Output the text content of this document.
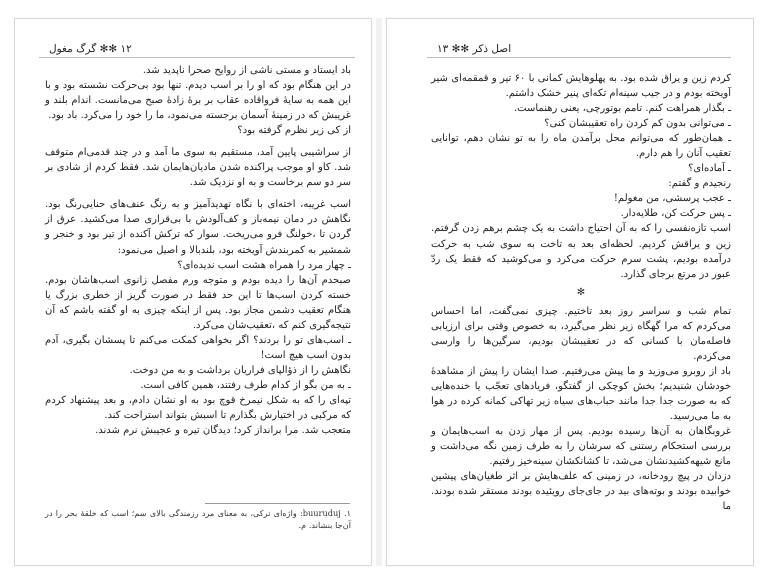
۱۲ ✻✻ گرگ مغول

باد ایستاد و مستی ناشی از روایح صحرا ناپدید شد.

در این هنگام بود که او را بر اسب دیدم. تنها بود بی‌حرکت نشسته بود و با این همه به سایهٔ فرواقاده عقاب بر برهٔ زادهٔ صبح می‌مانست. اندام بلند و غریبش که در زمینهٔ آسمان برجسته می‌نمود، ما را خود را می‌کرد. باد بود.

از کی زیر نظرم گرفته بود؟

از سراشیبی پایین آمد، مستقیم به سوی ما آمد و در چند قدمی‌ام متوقف شد. کاو او موجب پراکنده شدن مادیان‌هایمان شد. فقط کردم از شادی بر سر دو سم برخاست و به او نزدیک شد.

اسب غریبه، اخته‌ای با نگاه تهدیدآمیز و به رنگ عنف‌های حنایی‌رنگ بود. نگاهش در دمان نیمه‌باز و کف‌آلودش با بی‌قراری صدا می‌کشید. عرق از گردن تا ،خولنگ فرو می‌ریخت. سوار که ترکش آکنده از تیر بود و خنجر و شمشیر به کمربندش آویخته بود، بلندبالا و اصیل می‌نمود:

ـ چهار مرد را همراه هشت اسب ندیده‌ای؟

صبحدم آن‌ها را دیده بودم و متوجه ورم مفصل زانوی اسب‌هاشان بودم. خسته کردن اسب‌ها تا این حد فقط در صورت گریز از خطری بزرگ یا هنگام تعقیب دشمن مجاز بود. پس از اینکه چیزی به او گفته باشم که آن نتیجه‌گیری کنم که ،تعقیب‌شان می‌کرد.

ـ اسب‌های تو را بردند؟ اگر بخواهی کمکت می‌کنم تا پسشان بگیری، آدم بدون اسب هیچ است!

نگاهش را از ذؤالپای فراریان برداشت و به من دوخت.

ـ به من بگو از کدام طرف رفتند، همین کافی است.

تپه‌ای را که به شکل نیمرخ قوچ بود به او نشان دادم، و بعد پیشنهاد کردم که مرکبی در اختیارش بگذارم تا اسبش بتواند استراحت کند.

متعجب شد. مرا برانداز کرد؛ دیدگان تیره و عجیبش نرم شدند.

۱. buuruduj: واژه‌ای ترکی، به معنای مرد رزمندگی بالای سم؛ اسب که خلقهٔ بحر را در آن‌جا بنشاند. م.
اصل ذکر ✻✻ ۱۳

کردم زین و یراق شده بود. به پهلوهایش کمانی با ۶۰ تیر و قمقمه‌ای شیر آویخته بودم و در جیب سینه‌ام تکه‌ای پنیر خشک داشتم.

ـ بگذار همراهت کنم. تامم بوتورچی، یعنی رهنماست.

ـ می‌توانی بدون کم کردن راه تعقیبشان کنی؟

ـ همان‌طور که می‌توانم محل برآمدن ماه را به تو نشان دهم، توانایی تعقیب آنان را هم دارم.

ـ آماده‌ای؟

رنجیدم و گفتم:

ـ عجب پرسشی، من مغولم!

ـ پس حرکت کن، طلایه‌دار.

اسب تازه‌نفسی را که به آن احتیاج داشت به یک چشم برهم زدن گرفتم. زین و یراقش کردیم. لحظه‌ای بعد به تاخت به سوی شب به حرکت درآمده بودیم، پشت سرم حرکت می‌کرد و می‌کوشید که فقط یک ردّ عبور در مرتع برجای گذارد.

✻

تمام شب و سراسر روز بعد تاختیم. چیزی نمی‌گفت، اما احساس می‌کردم که مرا گهگاه زیر نظر می‌گیرد، به خصوص وقتی برای ارزیابی فاصله‌مان با کسانی که در تعقیبشان بودیم، سرگین‌ها را وارسی می‌کردم.

باد از روبرو می‌وزید و ما پیش می‌رفتیم. صدا ایشان را پیش از مشاهدهٔ خودشان شنیدیم؛ بخش کوچکی از گفتگو، فریادهای تعجّب یا خنده‌هایی که به صورت جدا جدا مانند حباب‌های سیاه زیر تهاکی کمانه کرده در هوا به ما می‌رسید.

غروبگاهان به آن‌ها رسیده بودیم. پس از مهار زدن به اسب‌هایمان و بررسی استحکام رستنی که سرشان را به طرف زمین نگه می‌داشت و مانع شیهه‌کشیدنشان می‌شد، تا کشانکشان سینه‌خیز رفتیم.

دزدان در پیچ رودخانه، در زمینی که علف‌هایش بر اثر طغیان‌های پیشین خوابیده بودند و بوته‌های بید در جای‌جای رویئیده بودند مستقر شده بودند. ما
